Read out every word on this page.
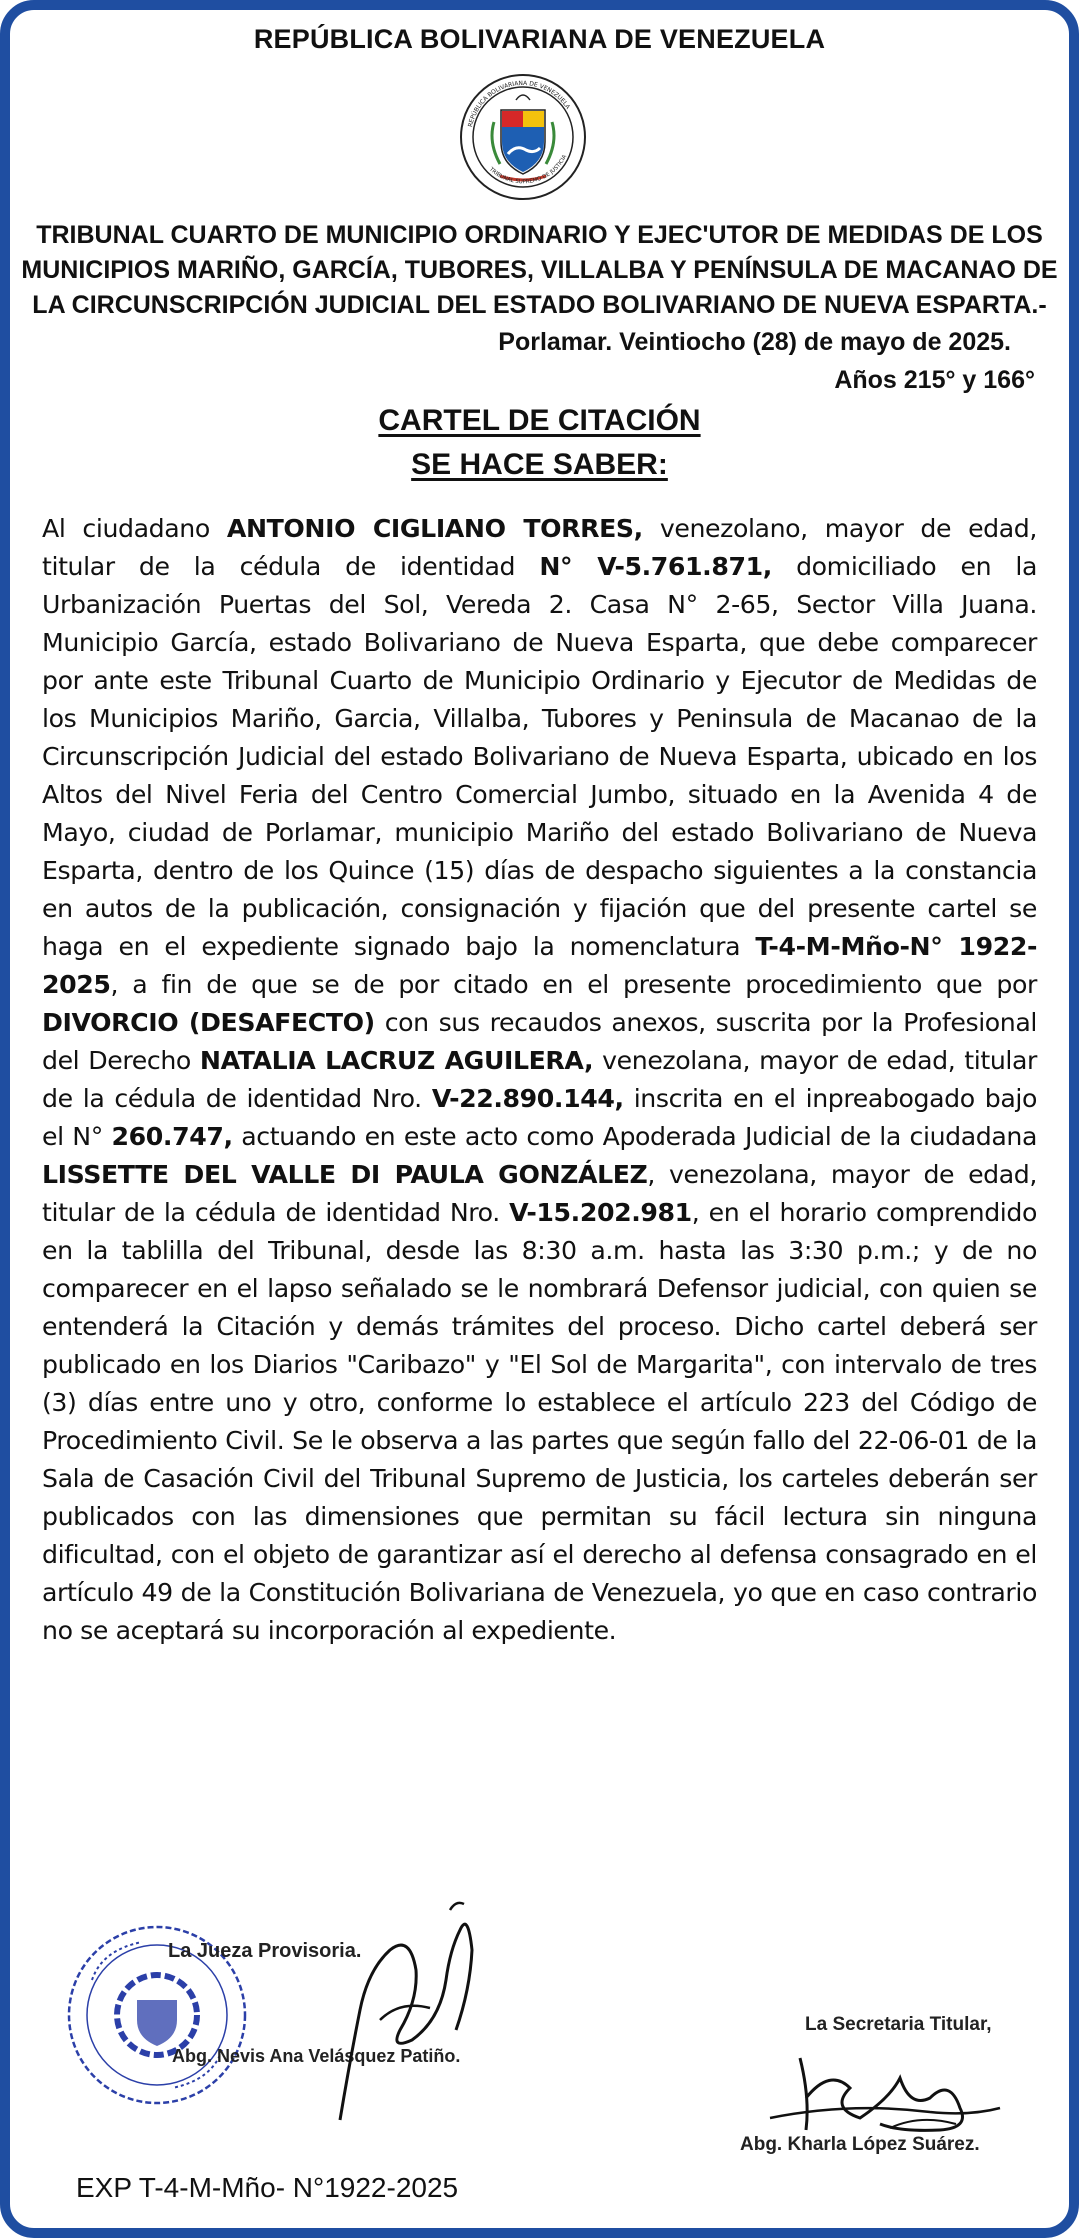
REPÚBLICA BOLIVARIANA DE VENEZUELA
REPÚBLICA BOLIVARIANA DE VENEZUELA
TRIBUNAL SUPREMO DE JUSTICIA
TRIBUNAL CUARTO DE MUNICIPIO ORDINARIO Y EJEC'UTOR DE MEDIDAS DE LOS
MUNICIPIOS MARIÑO, GARCÍA, TUBORES, VILLALBA Y PENÍNSULA DE MACANAO DE
LA CIRCUNSCRIPCIÓN JUDICIAL DEL ESTADO BOLIVARIANO DE NUEVA ESPARTA.-
Porlamar. Veintiocho (28) de mayo de 2025.
Años 215° y 166°
CARTEL DE CITACIÓN
SE HACE SABER:
Al ciudadano ANTONIO CIGLIANO TORRES, venezolano, mayor de edad, titular de la cédula de identidad N° V-5.761.871, domiciliado en la Urbanización Puertas del Sol, Vereda 2. Casa N° 2-65, Sector Villa Juana. Municipio García, estado Bolivariano de Nueva Esparta, que debe comparecer por ante este Tribunal Cuarto de Municipio Ordinario y Ejecutor de Medidas de los Municipios Mariño, Garcia, Villalba, Tubores y Peninsula de Macanao de la Circunscripción Judicial del estado Bolivariano de Nueva Esparta, ubicado en los Altos del Nivel Feria del Centro Comercial Jumbo, situado en la Avenida 4 de Mayo, ciudad de Porlamar, municipio Mariño del estado Bolivariano de Nueva Esparta, dentro de los Quince (15) días de despacho siguientes a la constancia en autos de la publicación, consignación y fijación que del presente cartel se haga en el expediente signado bajo la nomenclatura T-4-M-Mño-N° 1922-2025, a fin de que se de por citado en el presente procedimiento que por DIVORCIO (DESAFECTO) con sus recaudos anexos, suscrita por la Profesional del Derecho NATALIA LACRUZ AGUILERA, venezolana, mayor de edad, titular de la cédula de identidad Nro. V-22.890.144, inscrita en el inpreabogado bajo el N° 260.747, actuando en este acto como Apoderada Judicial de la ciudadana LISSETTE DEL VALLE DI PAULA GONZÁLEZ, venezolana, mayor de edad, titular de la cédula de identidad Nro. V-15.202.981, en el horario comprendido en la tablilla del Tribunal, desde las 8:30 a.m. hasta las 3:30 p.m.; y de no comparecer en el lapso señalado se le nombrará Defensor judicial, con quien se entenderá la Citación y demás trámites del proceso. Dicho cartel deberá ser publicado en los Diarios "Caribazo" y "El Sol de Margarita", con intervalo de tres (3) días entre uno y otro, conforme lo establece el artículo 223 del Código de Procedimiento Civil. Se le observa a las partes que según fallo del 22-06-01 de la Sala de Casación Civil del Tribunal Supremo de Justicia, los carteles deberán ser publicados con las dimensiones que permitan su fácil lectura sin ninguna dificultad, con el objeto de garantizar así el derecho al defensa consagrado en el artículo 49 de la Constitución Bolivariana de Venezuela, yo que en caso contrario no se aceptará su incorporación al expediente.
La Jueza Provisoria.
Abg. Nevis Ana Velásquez Patiño.
La Secretaria Titular,
Abg. Kharla López Suárez.
EXP T-4-M-Mño- N°1922-2025
